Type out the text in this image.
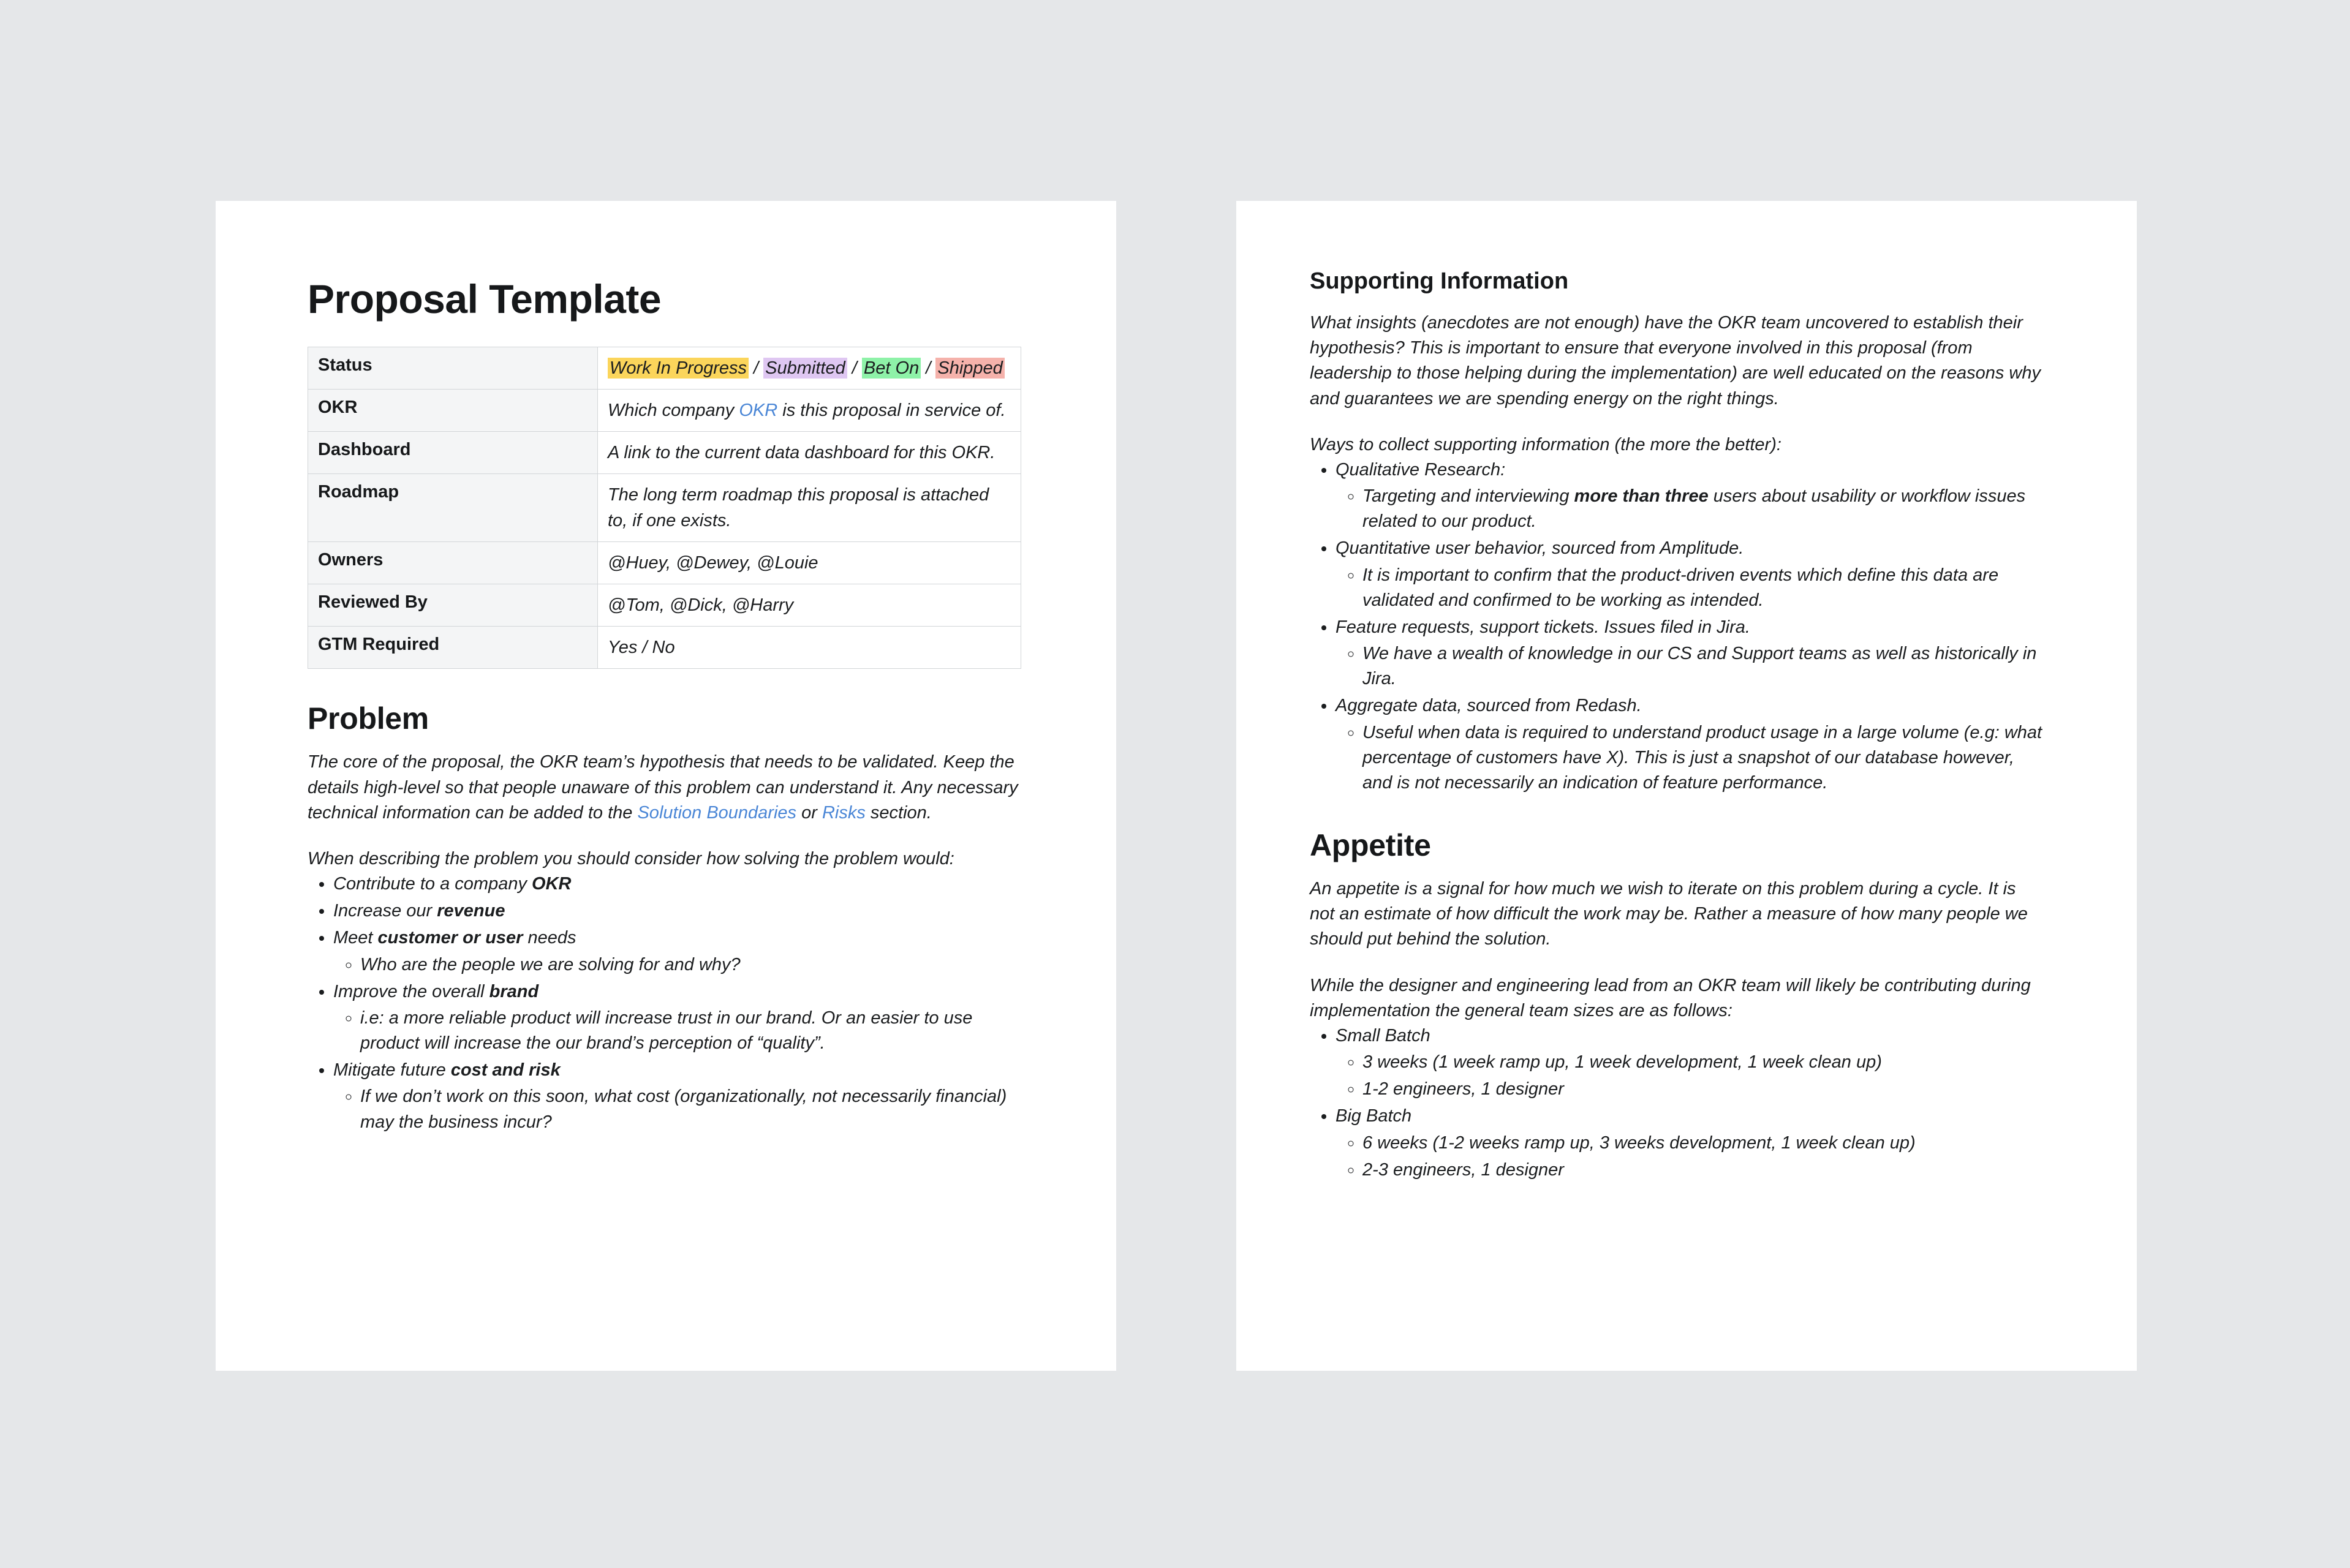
Proposal Template
Status	Work In Progress / Submitted / Bet On / Shipped
OKR	Which company OKR is this proposal in service of.
Dashboard	A link to the current data dashboard for this OKR.
Roadmap	The long term roadmap this proposal is attached to, if one exists.
Owners	@Huey, @Dewey, @Louie
Reviewed By	@Tom, @Dick, @Harry
GTM Required	Yes / No
Problem

The core of the proposal, the OKR team’s hypothesis that needs to be validated. Keep the details high-level so that people unaware of this problem can understand it. Any necessary technical information can be added to the Solution Boundaries or Risks section.

When describing the problem you should consider how solving the problem would:

• Contribute to a company OKR
• Increase our revenue
• Meet customer or user needs
◦ Who are the people we are solving for and why?
• Improve the overall brand
◦ i.e: a more reliable product will increase trust in our brand. Or an easier to use product will increase the our brand’s perception of “quality”.
• Mitigate future cost and risk
◦ If we don’t work on this soon, what cost (organizationally, not necessarily financial) may the business incur?
Supporting Information

What insights (anecdotes are not enough) have the OKR team uncovered to establish their hypothesis? This is important to ensure that everyone involved in this proposal (from leadership to those helping during the implementation) are well educated on the reasons why and guarantees we are spending energy on the right things.

Ways to collect supporting information (the more the better):

• Qualitative Research:
◦ Targeting and interviewing more than three users about usability or workflow issues related to our product.
• Quantitative user behavior, sourced from Amplitude.
◦ It is important to confirm that the product-driven events which define this data are validated and confirmed to be working as intended.
• Feature requests, support tickets. Issues filed in Jira.
◦ We have a wealth of knowledge in our CS and Support teams as well as historically in Jira.
• Aggregate data, sourced from Redash.
◦ Useful when data is required to understand product usage in a large volume (e.g: what percentage of customers have X). This is just a snapshot of our database however, and is not necessarily an indication of feature performance.
Appetite

An appetite is a signal for how much we wish to iterate on this problem during a cycle. It is not an estimate of how difficult the work may be. Rather a measure of how many people we should put behind the solution.

While the designer and engineering lead from an OKR team will likely be contributing during implementation the general team sizes are as follows:

• Small Batch
◦ 3 weeks (1 week ramp up, 1 week development, 1 week clean up)
◦ 1-2 engineers, 1 designer
• Big Batch
◦ 6 weeks (1-2 weeks ramp up, 3 weeks development, 1 week clean up)
◦ 2-3 engineers, 1 designer
